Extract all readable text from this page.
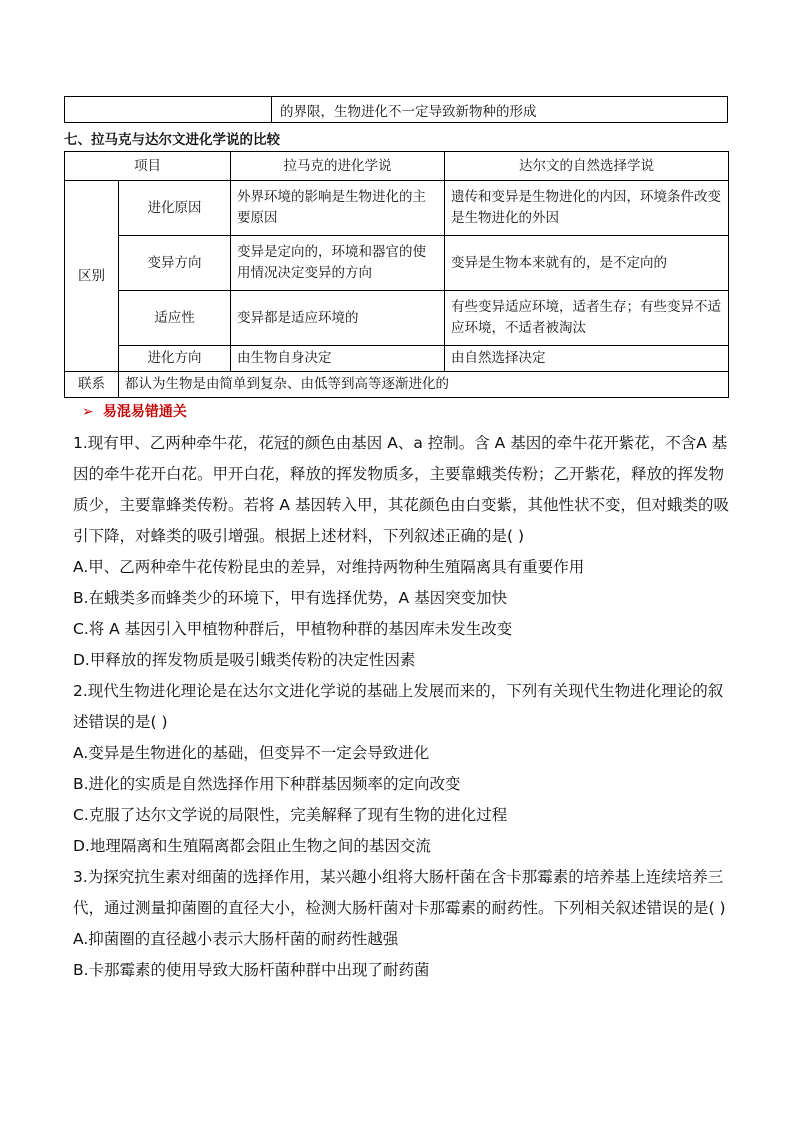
	的界限，生物进化不一定导致新物种的形成
七、拉马克与达尔文进化学说的比较
项目		拉马克的进化学说	达尔文的自然选择学说
区别	进化原因	外界环境的影响是生物进化的主要原因	遗传和变异是生物进化的内因，环境条件改变是生物进化的外因
	变异方向	变异是定向的，环境和器官的使用情况决定变异的方向	变异是生物本来就有的，是不定向的
	适应性	变异都是适应环境的	有些变异适应环境，适者生存；有些变异不适应环境，不适者被淘汰
	进化方向	由生物自身决定	由自然选择决定
联系	都认为生物是由简单到复杂、由低等到高等逐渐进化的		
➢ 易混易错通关

1.现有甲、乙两种牵牛花，花冠的颜色由基因 A、a 控制。含 A 基因的牵牛花开紫花，不含A 基因的牵牛花开白花。甲开白花，释放的挥发物质多，主要靠蛾类传粉；乙开紫花，释放的挥发物质少，主要靠蜂类传粉。若将 A 基因转入甲，其花颜色由白变紫，其他性状不变，但对蛾类的吸引下降，对蜂类的吸引增强。根据上述材料，下列叙述正确的是( )

A.甲、乙两种牵牛花传粉昆虫的差异，对维持两物种生殖隔离具有重要作用

B.在蛾类多而蜂类少的环境下，甲有选择优势，A 基因突变加快

C.将 A 基因引入甲植物种群后，甲植物种群的基因库未发生改变

D.甲释放的挥发物质是吸引蛾类传粉的决定性因素

2.现代生物进化理论是在达尔文进化学说的基础上发展而来的，下列有关现代生物进化理论的叙述错误的是( )

A.变异是生物进化的基础，但变异不一定会导致进化

B.进化的实质是自然选择作用下种群基因频率的定向改变

C.克服了达尔文学说的局限性，完美解释了现有生物的进化过程

D.地理隔离和生殖隔离都会阻止生物之间的基因交流

3.为探究抗生素对细菌的选择作用，某兴趣小组将大肠杆菌在含卡那霉素的培养基上连续培养三代，通过测量抑菌圈的直径大小，检测大肠杆菌对卡那霉素的耐药性。下列相关叙述错误的是( )

A.抑菌圈的直径越小表示大肠杆菌的耐药性越强

B.卡那霉素的使用导致大肠杆菌种群中出现了耐药菌
